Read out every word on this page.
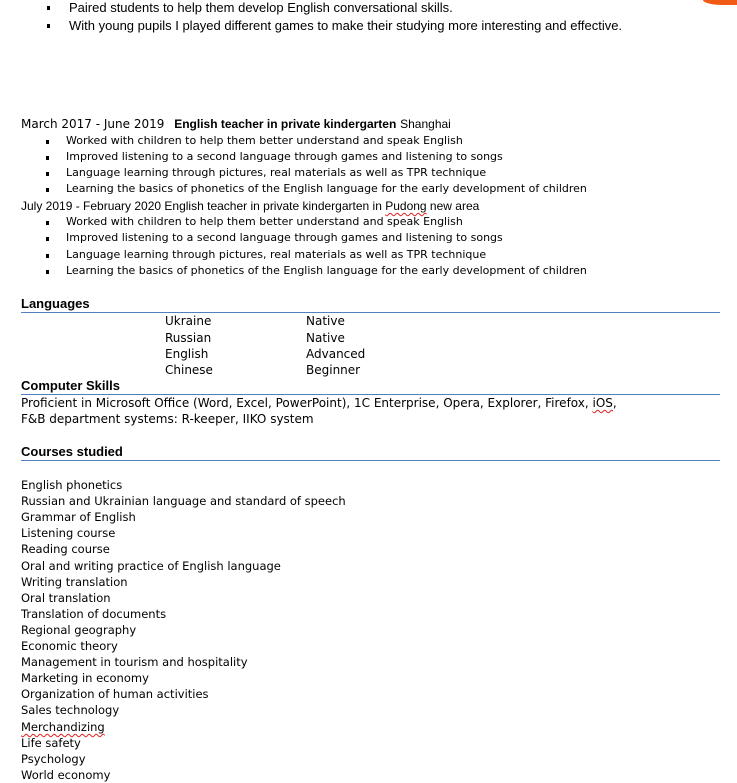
Paired students to help them develop English conversational skills.
With young pupils I played different games to make their studying more interesting and effective.
March 2017 - June 2019 English teacher in private kindergarten Shanghai
Worked with children to help them better understand and speak English
Improved listening to a second language through games and listening to songs
Language learning through pictures, real materials as well as TPR technique
Learning the basics of phonetics of the English language for the early development of children
July 2019 - February 2020 English teacher in private kindergarten in Pudong new area
Worked with children to help them better understand and speak English
Improved listening to a second language through games and listening to songs
Language learning through pictures, real materials as well as TPR technique
Learning the basics of phonetics of the English language for the early development of children
Languages
Ukraine	Native
Russian	Native
English	Advanced
Chinese	Beginner
Computer Skills
Proficient in Microsoft Office (Word, Excel, PowerPoint), 1C Enterprise, Opera, Explorer, Firefox, iOS,
F&B department systems: R-keeper, IIKO system
Courses studied
English phonetics
Russian and Ukrainian language and standard of speech
Grammar of English
Listening course
Reading course
Oral and writing practice of English language
Writing translation
Oral translation
Translation of documents
Regional geography
Economic theory
Management in tourism and hospitality
Marketing in economy
Organization of human activities
Sales technology
Merchandizing
Life safety
Psychology
World economy
